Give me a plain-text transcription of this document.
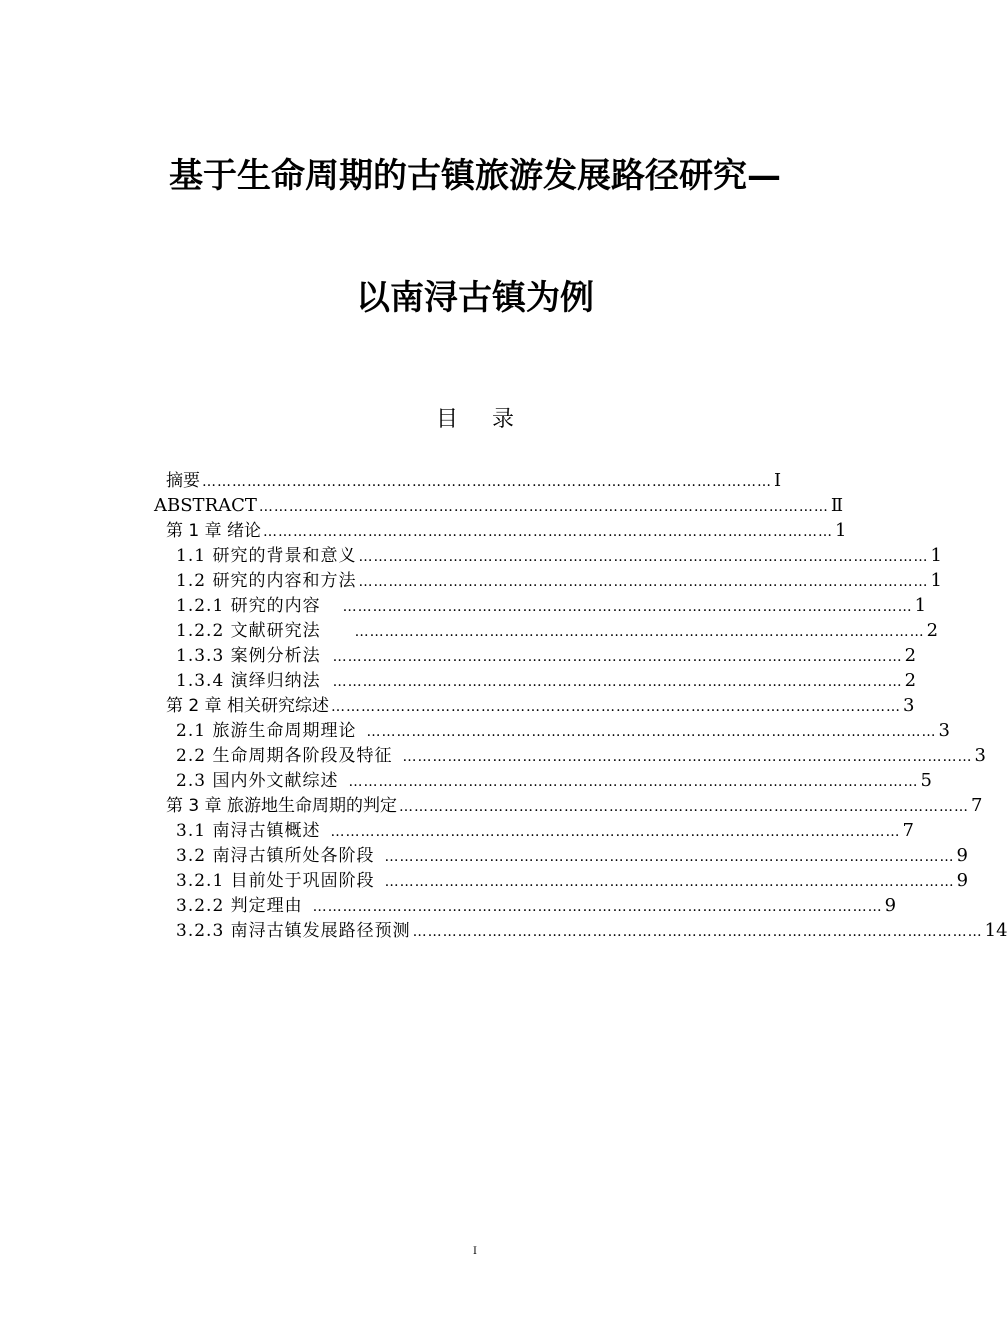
基于生命周期的古镇旅游发展路径研究—
以南浔古镇为例
目录
摘要 …………………………………………………………………………………………………… Ⅰ
ABSTRACT …………………………………………………………………………………………………… Ⅱ
第 1 章 绪论 …………………………………………………………………………………………………… 1
1.1 研究的背景和意义 …………………………………………………………………………………………………… 1
1.2 研究的内容和方法 …………………………………………………………………………………………………… 1
1.2.1 研究的内容 …………………………………………………………………………………………………… 1
1.2.2 文献研究法 …………………………………………………………………………………………………… 2
1.3.3 案例分析法 …………………………………………………………………………………………………… 2
1.3.4 演绎归纳法 …………………………………………………………………………………………………… 2
第 2 章 相关研究综述 …………………………………………………………………………………………………… 3
2.1 旅游生命周期理论 …………………………………………………………………………………………………… 3
2.2 生命周期各阶段及特征 …………………………………………………………………………………………………… 3
2.3 国内外文献综述 …………………………………………………………………………………………………… 5
第 3 章 旅游地生命周期的判定 …………………………………………………………………………………………………… 7
3.1 南浔古镇概述 …………………………………………………………………………………………………… 7
3.2 南浔古镇所处各阶段 …………………………………………………………………………………………………… 9
3.2.1 目前处于巩固阶段 …………………………………………………………………………………………………… 9
3.2.2 判定理由 …………………………………………………………………………………………………… 9
3.2.3 南浔古镇发展路径预测 …………………………………………………………………………………………………… 14
I
